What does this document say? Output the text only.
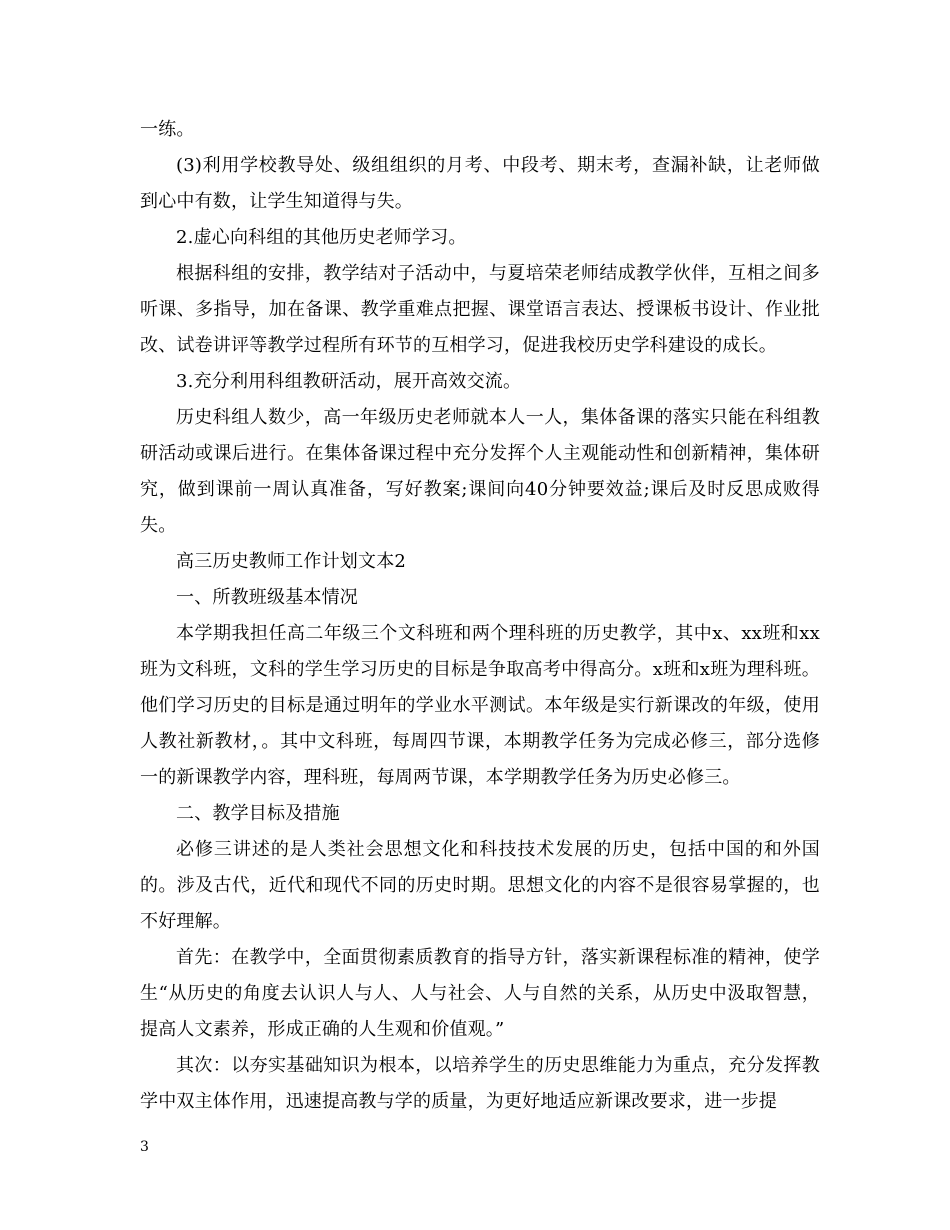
一练。

(3)利用学校教导处、级组组织的月考、中段考、期末考，查漏补缺，让老师做到心中有数，让学生知道得与失。

2.虚心向科组的其他历史老师学习。

根据科组的安排，教学结对子活动中，与夏培荣老师结成教学伙伴，互相之间多听课、多指导，加在备课、教学重难点把握、课堂语言表达、授课板书设计、作业批改、试卷讲评等教学过程所有环节的互相学习，促进我校历史学科建设的成长。

3.充分利用科组教研活动，展开高效交流。

历史科组人数少，高一年级历史老师就本人一人，集体备课的落实只能在科组教研活动或课后进行。在集体备课过程中充分发挥个人主观能动性和创新精神，集体研究，做到课前一周认真准备，写好教案;课间向40分钟要效益;课后及时反思成败得失。

高三历史教师工作计划文本2

一、所教班级基本情况

本学期我担任高二年级三个文科班和两个理科班的历史教学，其中x、xx班和xx班为文科班，文科的学生学习历史的目标是争取高考中得高分。x班和x班为理科班。他们学习历史的目标是通过明年的学业水平测试。本年级是实行新课改的年级，使用人教社新教材，。其中文科班，每周四节课，本期教学任务为完成必修三，部分选修一的新课教学内容，理科班，每周两节课，本学期教学任务为历史必修三。

二、教学目标及措施

必修三讲述的是人类社会思想文化和科技技术发展的历史，包括中国的和外国的。涉及古代，近代和现代不同的历史时期。思想文化的内容不是很容易掌握的，也不好理解。

首先：在教学中，全面贯彻素质教育的指导方针，落实新课程标准的精神，使学生“从历史的角度去认识人与人、人与社会、人与自然的关系，从历史中汲取智慧，提高人文素养，形成正确的人生观和价值观。”

其次：以夯实基础知识为根本，以培养学生的历史思维能力为重点，充分发挥教学中双主体作用，迅速提高教与学的质量，为更好地适应新课改要求，进一步提

3
